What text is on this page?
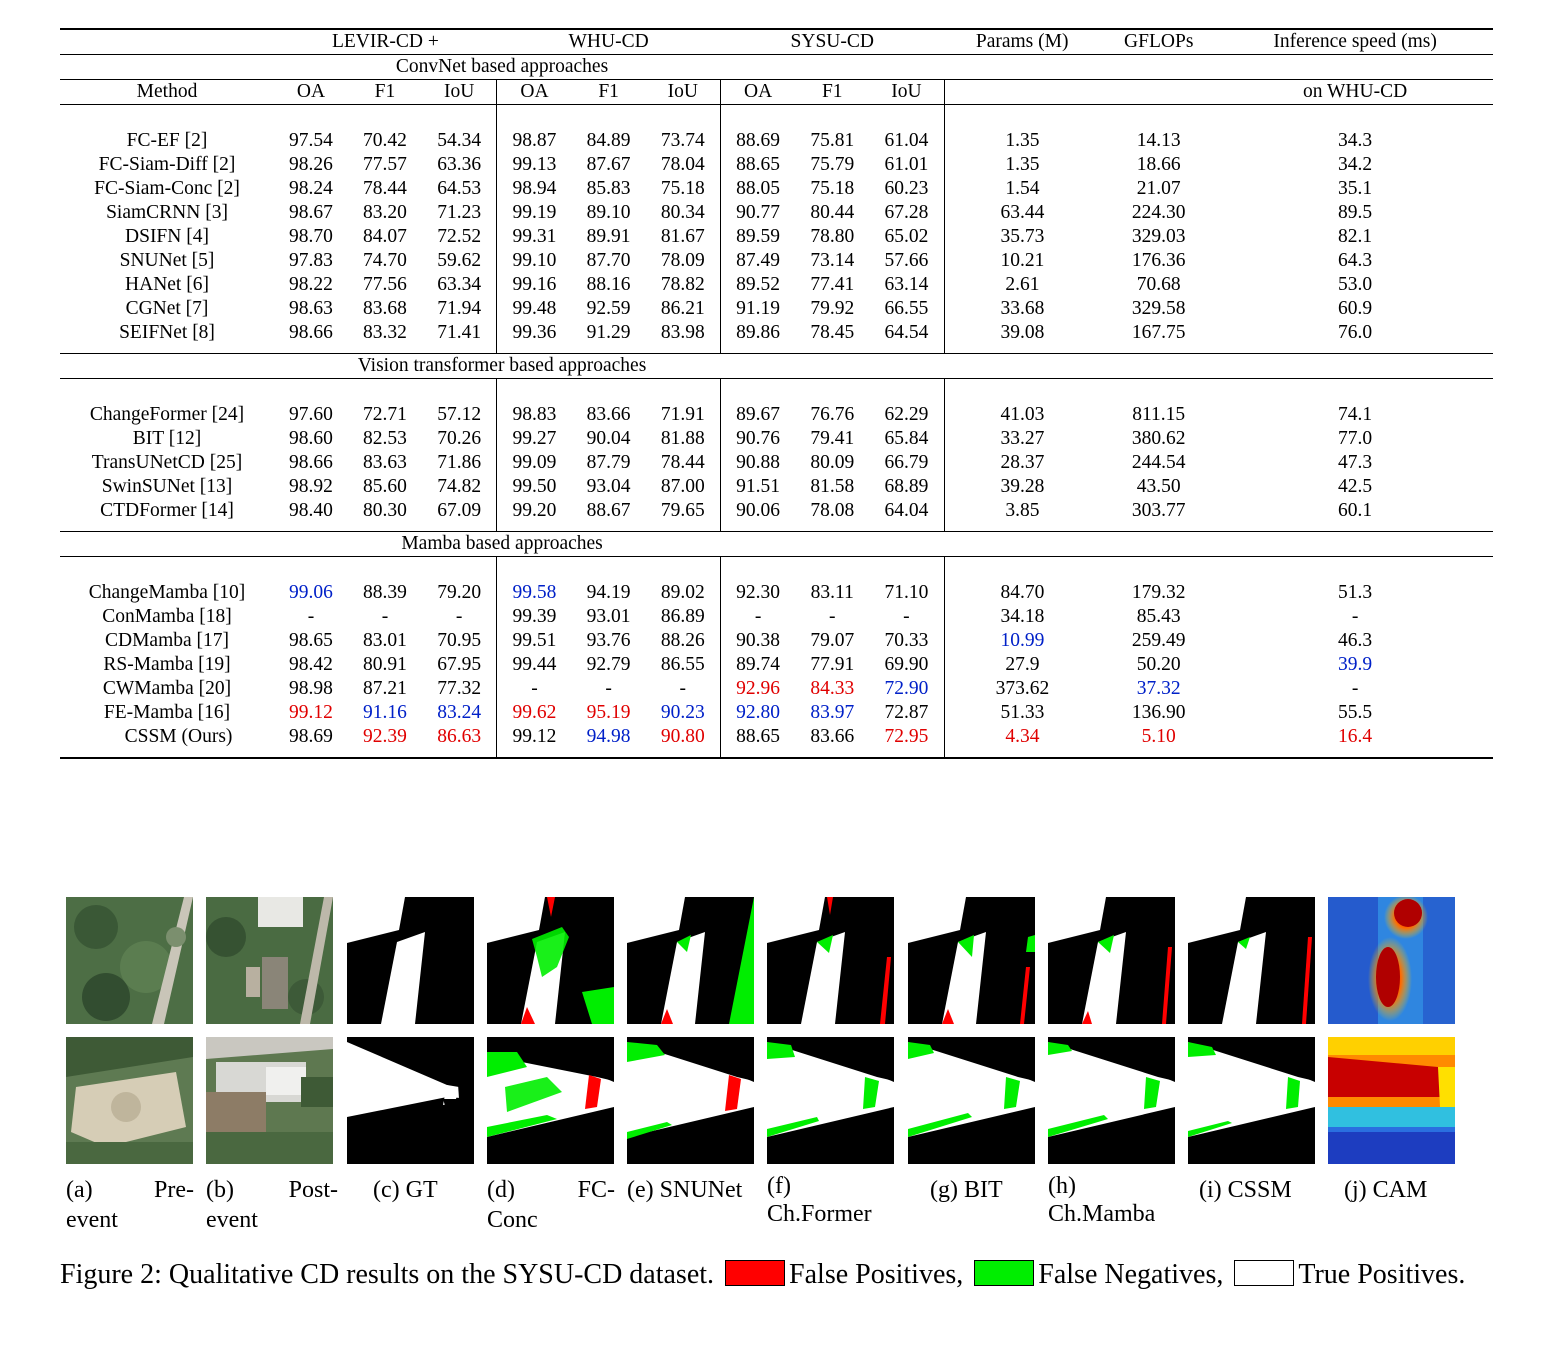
	LEVIR-CD +			WHU-CD			SYSU-CD			Params (M)	GFLOPs	Inference speed (ms)
ConvNet based approaches												
Method	OA	F1	IoU	OA	F1	IoU	OA	F1	IoU			on WHU-CD

FC-EF [2]	97.54	70.42	54.34	98.87	84.89	73.74	88.69	75.81	61.04	1.35	14.13	34.3
FC-Siam-Diff [2]	98.26	77.57	63.36	99.13	87.67	78.04	88.65	75.79	61.01	1.35	18.66	34.2
FC-Siam-Conc [2]	98.24	78.44	64.53	98.94	85.83	75.18	88.05	75.18	60.23	1.54	21.07	35.1
SiamCRNN [3]	98.67	83.20	71.23	99.19	89.10	80.34	90.77	80.44	67.28	63.44	224.30	89.5
DSIFN [4]	98.70	84.07	72.52	99.31	89.91	81.67	89.59	78.80	65.02	35.73	329.03	82.1
SNUNet [5]	97.83	74.70	59.62	99.10	87.70	78.09	87.49	73.14	57.66	10.21	176.36	64.3
HANet [6]	98.22	77.56	63.34	99.16	88.16	78.82	89.52	77.41	63.14	2.61	70.68	53.0
CGNet [7]	98.63	83.68	71.94	99.48	92.59	86.21	91.19	79.92	66.55	33.68	329.58	60.9
SEIFNet [8]	98.66	83.32	71.41	99.36	91.29	83.98	89.86	78.45	64.54	39.08	167.75	76.0
Vision transformer based approaches												

ChangeFormer [24]	97.60	72.71	57.12	98.83	83.66	71.91	89.67	76.76	62.29	41.03	811.15	74.1
BIT [12]	98.60	82.53	70.26	99.27	90.04	81.88	90.76	79.41	65.84	33.27	380.62	77.0
TransUNetCD [25]	98.66	83.63	71.86	99.09	87.79	78.44	90.88	80.09	66.79	28.37	244.54	47.3
SwinSUNet [13]	98.92	85.60	74.82	99.50	93.04	87.00	91.51	81.58	68.89	39.28	43.50	42.5
CTDFormer [14]	98.40	80.30	67.09	99.20	88.67	79.65	90.06	78.08	64.04	3.85	303.77	60.1
Mamba based approaches												

ChangeMamba [10]	99.06	88.39	79.20	99.58	94.19	89.02	92.30	83.11	71.10	84.70	179.32	51.3
ConMamba [18]	-	-	-	99.39	93.01	86.89	-	-	-	34.18	85.43	-
CDMamba [17]	98.65	83.01	70.95	99.51	93.76	88.26	90.38	79.07	70.33	10.99	259.49	46.3
RS-Mamba [19]	98.42	80.91	67.95	99.44	92.79	86.55	89.74	77.91	69.90	27.9	50.20	39.9
CWMamba [20]	98.98	87.21	77.32	-	-	-	92.96	84.33	72.90	373.62	37.32	-
FE-Mamba [16]	99.12	91.16	83.24	99.62	95.19	90.23	92.80	83.97	72.87	51.33	136.90	55.5
CSSM (Ours)	98.69	92.39	86.63	99.12	94.98	90.80	88.65	83.66	72.95	4.34	5.10	16.4
(a)	Pre-
event
(b) Post-
event
(c) GT (d)	FC-
Conc
(e) SNUNet (f)
Ch.Former
(g) BIT (h)
Ch.Mamba
(i) CSSM (j) CAM
Figure 2: Qualitative CD results on the SYSU-CD dataset.	False Positives,	False Negatives,	True Positives.
